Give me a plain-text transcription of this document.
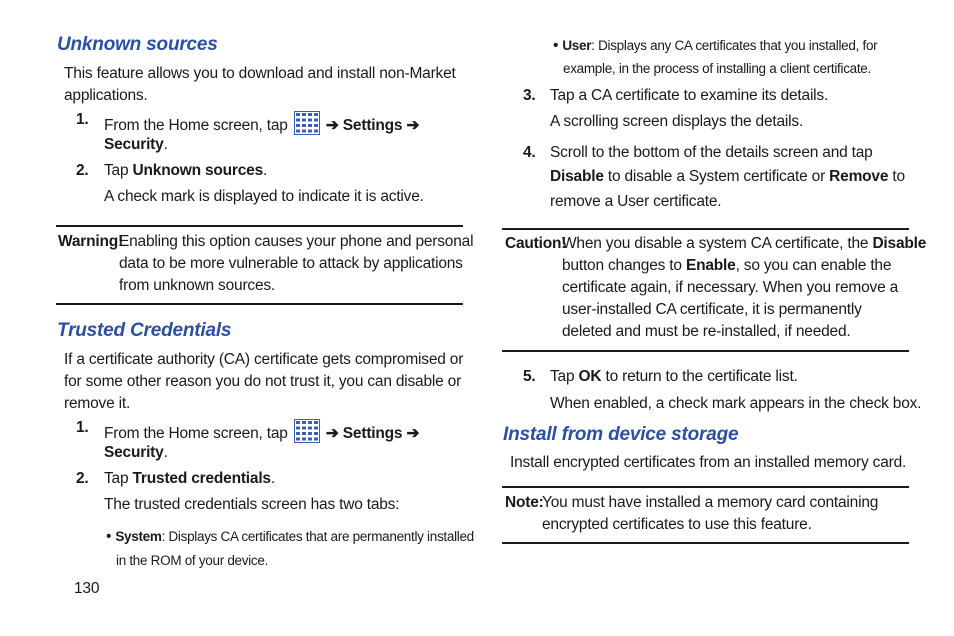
Unknown sources
This feature allows you to download and install non-Market
applications.
1. From the Home screen, tap ➔ Settings ➔
Security.
2. Tap Unknown sources.
A check mark is displayed to indicate it is active.
Warning!
Enabling this option causes your phone and personal
data to be more vulnerable to attack by applications
from unknown sources.
Trusted Credentials
If a certificate authority (CA) certificate gets compromised or
for some other reason you do not trust it, you can disable or
remove it.
1. From the Home screen, tap ➔ Settings ➔
Security.
2. Tap Trusted credentials.
The trusted credentials screen has two tabs:
• System: Displays CA certificates that are permanently installed
in the ROM of your device.
130
• User: Displays any CA certificates that you installed, for
example, in the process of installing a client certificate.
3. Tap a CA certificate to examine its details.
A scrolling screen displays the details.
4. Scroll to the bottom of the details screen and tap
Disable to disable a System certificate or Remove to
remove a User certificate.
Caution!
When you disable a system CA certificate, the Disable
button changes to Enable, so you can enable the
certificate again, if necessary. When you remove a
user-installed CA certificate, it is permanently
deleted and must be re-installed, if needed.
5. Tap OK to return to the certificate list.
When enabled, a check mark appears in the check box.
Install from device storage
Install encrypted certificates from an installed memory card.
Note:
You must have installed a memory card containing
encrypted certificates to use this feature.
